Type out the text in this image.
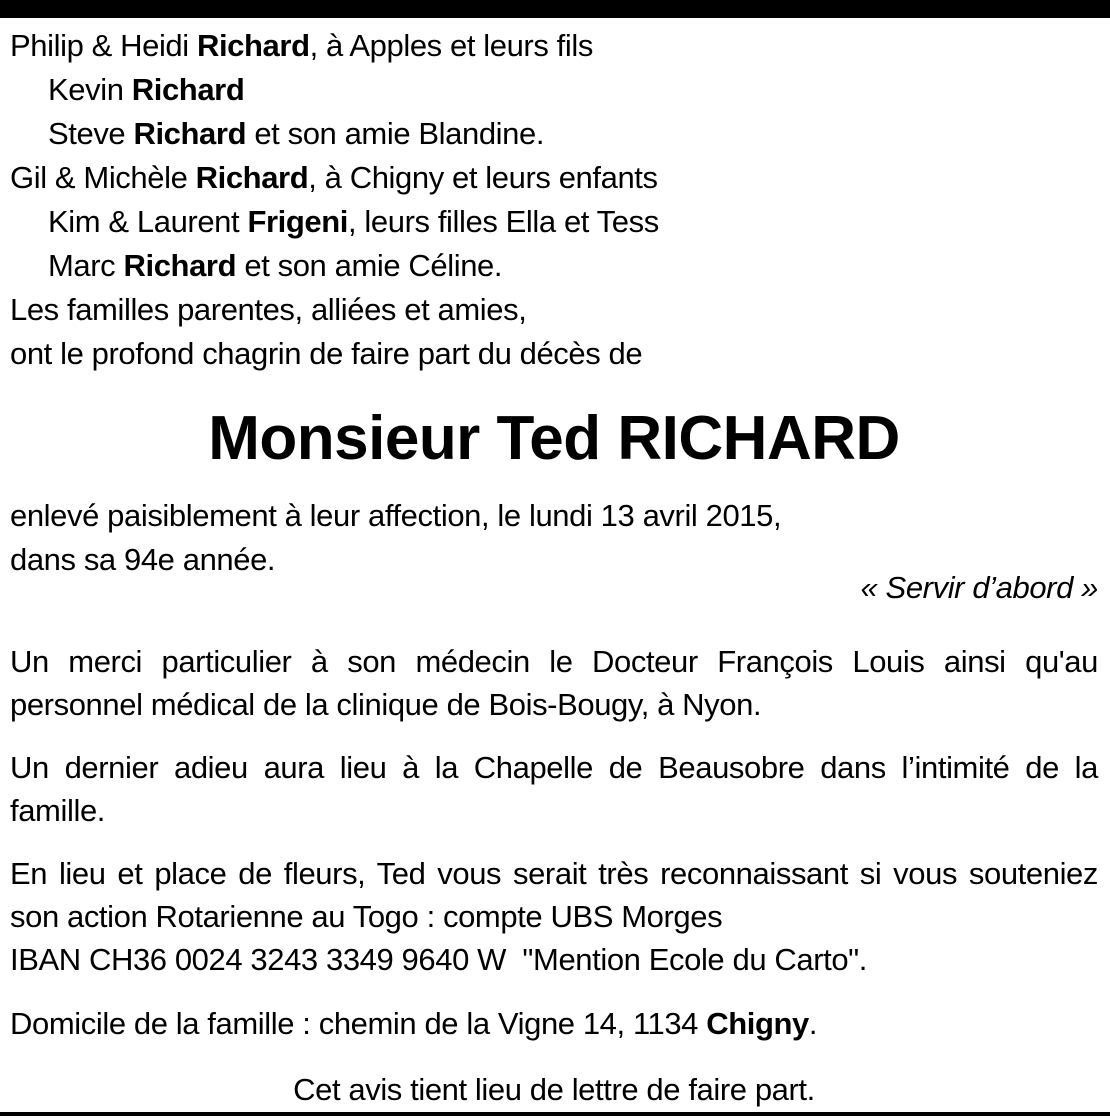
Philip & Heidi Richard, à Apples et leurs fils
Kevin Richard
Steve Richard et son amie Blandine.
Gil & Michèle Richard, à Chigny et leurs enfants
Kim & Laurent Frigeni, leurs filles Ella et Tess
Marc Richard et son amie Céline.
Les familles parentes, alliées et amies,
ont le profond chagrin de faire part du décès de
Monsieur Ted RICHARD
enlevé paisiblement à leur affection, le lundi 13 avril 2015,
dans sa 94e année.
« Servir d’abord »
Un merci particulier à son médecin le Docteur François Louis ainsi qu'au personnel médical de la clinique de Bois-Bougy, à Nyon.
Un dernier adieu aura lieu à la Chapelle de Beausobre dans l’intimité de la famille.
En lieu et place de fleurs, Ted vous serait très reconnaissant si vous souteniez son action Rotarienne au Togo : compte UBS Morges
IBAN CH36 0024 3243 3349 9640 W  "Mention Ecole du Carto".
Domicile de la famille : chemin de la Vigne 14, 1134 Chigny.
Cet avis tient lieu de lettre de faire part.
